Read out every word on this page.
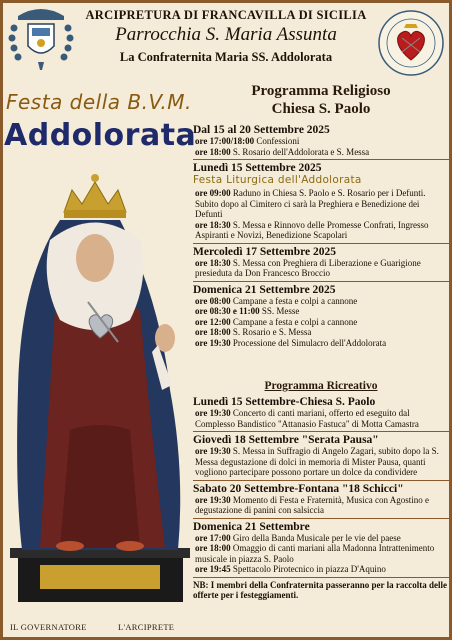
ARCIPRETURA DI FRANCAVILLA DI SICILIA
Parrocchia S. Maria Assunta
La Confraternita Maria SS. Addolorata
Festa della B.V.M.
Addolorata
IL GOVERNATORE	L'ARCIPRETE
Programma Religioso
Chiesa S. Paolo
Dal 15 al 20 Settembre 2025
ore 17:00/18:00 Confessioni
ore 18:00 S. Rosario dell'Addolorata e S. Messa
Lunedì 15 Settembre 2025
Festa Liturgica dell'Addolorata
ore 09:00 Raduno in Chiesa S. Paolo e S. Rosario per i Defunti. Subito dopo al Cimitero ci sarà la Preghiera e Benedizione dei Defunti
ore 18:30 S. Messa e Rinnovo delle Promesse Confrati, Ingresso Aspiranti e Novizi, Benedizione Scapolari
Mercoledì 17 Settembre 2025
ore 18:30 S. Messa con Preghiera di Liberazione e Guarigione presieduta da Don Francesco Broccio
Domenica 21 Settembre 2025
ore 08:00 Campane a festa e colpi a cannone
ore 08:30 e 11:00 SS. Messe
ore 12:00 Campane a festa e colpi a cannone
ore 18:00 S. Rosario e S. Messa
ore 19:30 Processione del Simulacro dell'Addolorata
Programma Ricreativo
Lunedì 15 Settembre-Chiesa S. Paolo
ore 19:30 Concerto di canti mariani, offerto ed eseguito dal Complesso Bandistico "Attanasio Fastuca" di Motta Camastra
Giovedì 18 Settembre "Serata Pausa"
ore 19:30 S. Messa in Suffragio di Angelo Zagari, subito dopo la S. Messa degustazione di dolci in memoria di Mister Pausa, quanti vogliono partecipare possono portare un dolce da condividere
Sabato 20 Settembre-Fontana "18 Schicci"
ore 19:30 Momento di Festa e Fraternità, Musica con Agostino e degustazione di panini con salsiccia
Domenica 21 Settembre
ore 17:00 Giro della Banda Musicale per le vie del paese
ore 18:00 Omaggio di canti mariani alla Madonna Intrattenimento musicale in piazza S. Paolo
ore 19:45 Spettacolo Pirotecnico in piazza D'Aquino
NB: I membri della Confraternita passeranno per la raccolta delle offerte per i festeggiamenti.
